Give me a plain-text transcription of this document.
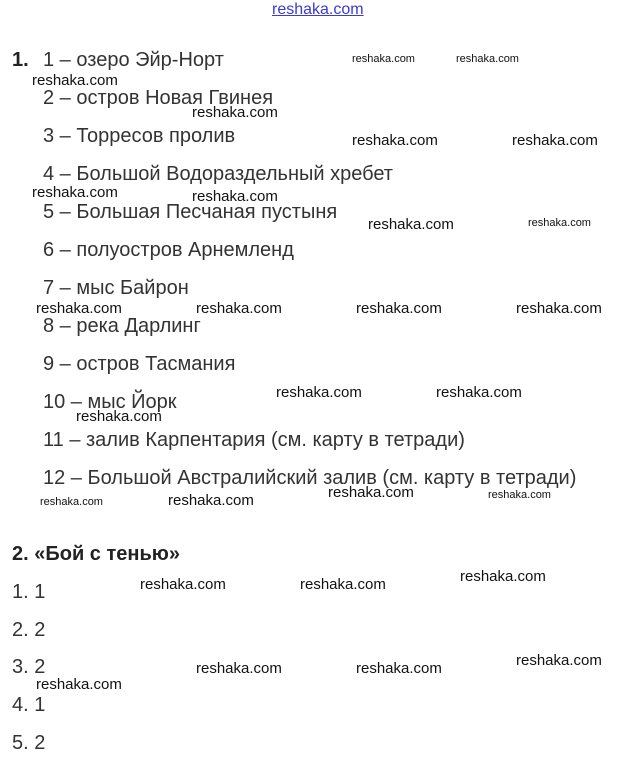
reshaka.com
1. 1 – озеро Эйр-Норт
2 – остров Новая Гвинея
3 – Торресов пролив
4 – Большой Водораздельный хребет
5 – Большая Песчаная пустыня
6 – полуостров Арнемленд
7 – мыс Байрон
8 – река Дарлинг
9 – остров Тасмания
10 – мыс Йорк
11 – залив Карпентария (см. карту в тетради)
12 – Большой Австралийский залив (см. карту в тетради)
2. «Бой с тенью»
1. 1
2. 2
3. 2
4. 1
5. 2
reshaka.com	reshaka.com
reshaka.com
reshaka.com
reshaka.com	reshaka.com
reshaka.com	reshaka.com
reshaka.com	reshaka.com
reshaka.com	reshaka.com	reshaka.com	reshaka.com
reshaka.com	reshaka.com
reshaka.com
reshaka.com
reshaka.com	reshaka.com	reshaka.com
reshaka.com
reshaka.com	reshaka.com
reshaka.com
reshaka.com	reshaka.com
reshaka.com
